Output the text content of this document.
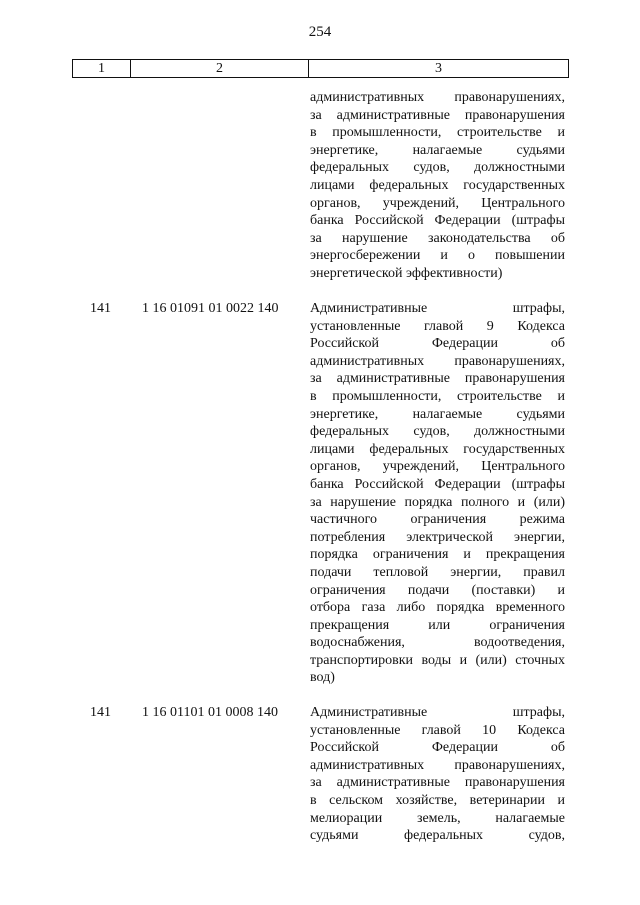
254
1	2	3
административных правонарушениях,
за административные правонарушения
в промышленности, строительстве и
энергетике, налагаемые судьями
федеральных судов, должностными
лицами федеральных государственных
органов, учреждений, Центрального
банка Российской Федерации (штрафы
за нарушение законодательства об
энергосбережении и о повышении
энергетической эффективности)
141	1 16 01091 01 0022 140	Административные штрафы,
установленные главой 9 Кодекса
Российской Федерации об
административных правонарушениях,
за административные правонарушения
в промышленности, строительстве и
энергетике, налагаемые судьями
федеральных судов, должностными
лицами федеральных государственных
органов, учреждений, Центрального
банка Российской Федерации (штрафы
за нарушение порядка полного и (или)
частичного ограничения режима
потребления электрической энергии,
порядка ограничения и прекращения
подачи тепловой энергии, правил
ограничения подачи (поставки) и
отбора газа либо порядка временного
прекращения или ограничения
водоснабжения, водоотведения,
транспортировки воды и (или) сточных
вод)
141	1 16 01101 01 0008 140	Административные штрафы,
установленные главой 10 Кодекса
Российской Федерации об
административных правонарушениях,
за административные правонарушения
в сельском хозяйстве, ветеринарии и
мелиорации земель, налагаемые
судьями федеральных судов,
